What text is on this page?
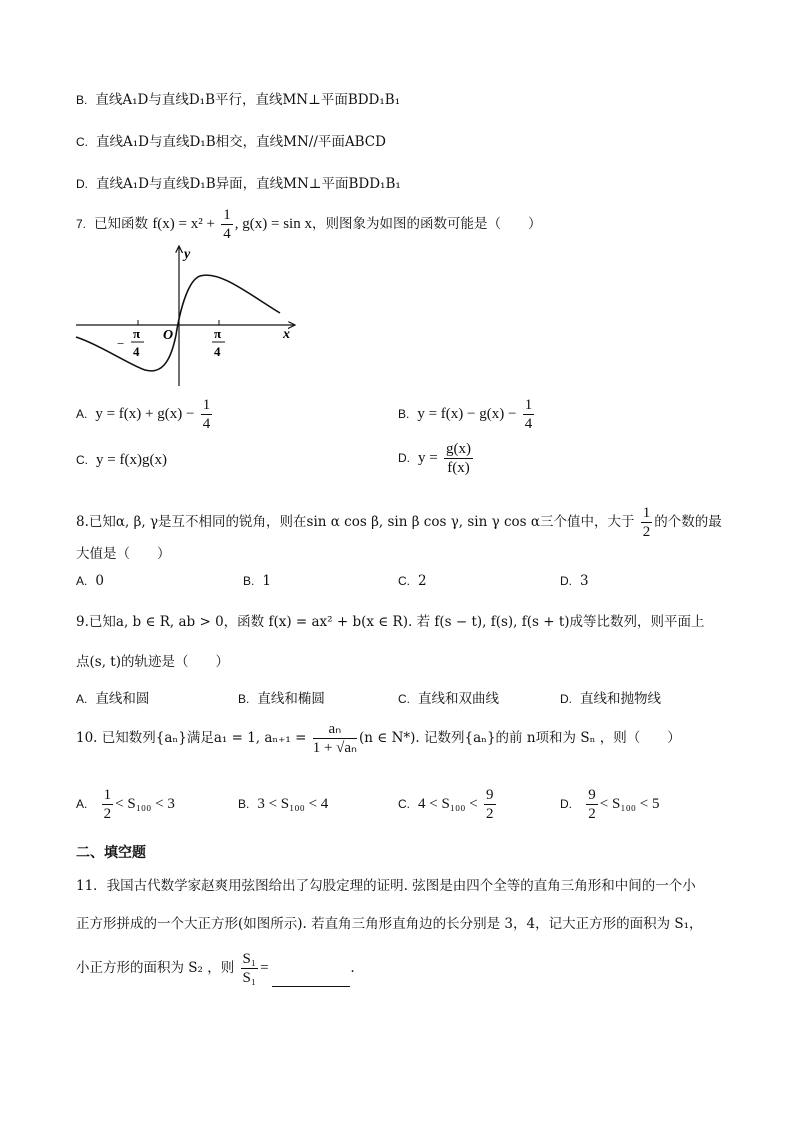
B. 直线A₁D与直线D₁B平行，直线MN⊥平面BDD₁B₁
C. 直线A₁D与直线D₁B相交，直线MN//平面ABCD
D. 直线A₁D与直线D₁B异面，直线MN⊥平面BDD₁B₁
7. 已知函数 $f(x) = x^2 + \frac{1}{4}$ , g(x) = sin x，则图象为如图的函数可能是（　　）
y
x
O
−
π
4
π
4
A. $y = f(x) + g(x) - \frac{1}{4}$	B. $y = f(x) - g(x) - \frac{1}{4}$
C. y = f(x)g(x)	D. $y = \frac{g(x)}{f(x)}$
8.已知α, β, γ是互不相同的锐角，则在sin α cos β, sin β cos γ, sin γ cos α三个值中，大于 $\frac{1}{2}$ 的个数的最
大值是（　　）
A. 0	B. 1	C. 2	D. 3
9.已知a, b ∈ R, ab > 0，函数 f(x) = ax² + b(x ∈ R). 若 f(s − t), f(s), f(s + t)成等比数列，则平面上
点(s, t)的轨迹是（　　）
A. 直线和圆	B. 直线和椭圆	C. 直线和双曲线	D. 直线和抛物线
10. 已知数列{aₙ}满足a₁ = 1, $a_{n+1} = \frac{\text{aₙ}}{\text{1 + √aₙ}} (n$ ∈ N*). 记数列{aₙ}的前 n项和为 Sₙ ，则（　　）
A. $\frac{1}{2} < S_{100} < 3$	B. 3 < S₁₀₀ < 4	C. $4 < S_{100} < \frac{9}{2}$	D. $\frac{9}{2} < S_{100} < 5$
二、填空题
11．我国古代数学家赵爽用弦图给出了勾股定理的证明. 弦图是由四个全等的直角三角形和中间的一个小
正方形拼成的一个大正方形(如图所示). 若直角三角形直角边的长分别是 3，4，记大正方形的面积为 S₁，
小正方形的面积为 S₂ ，则 $\frac{\text{S₁}}{\text{S₁}}$ =	.
